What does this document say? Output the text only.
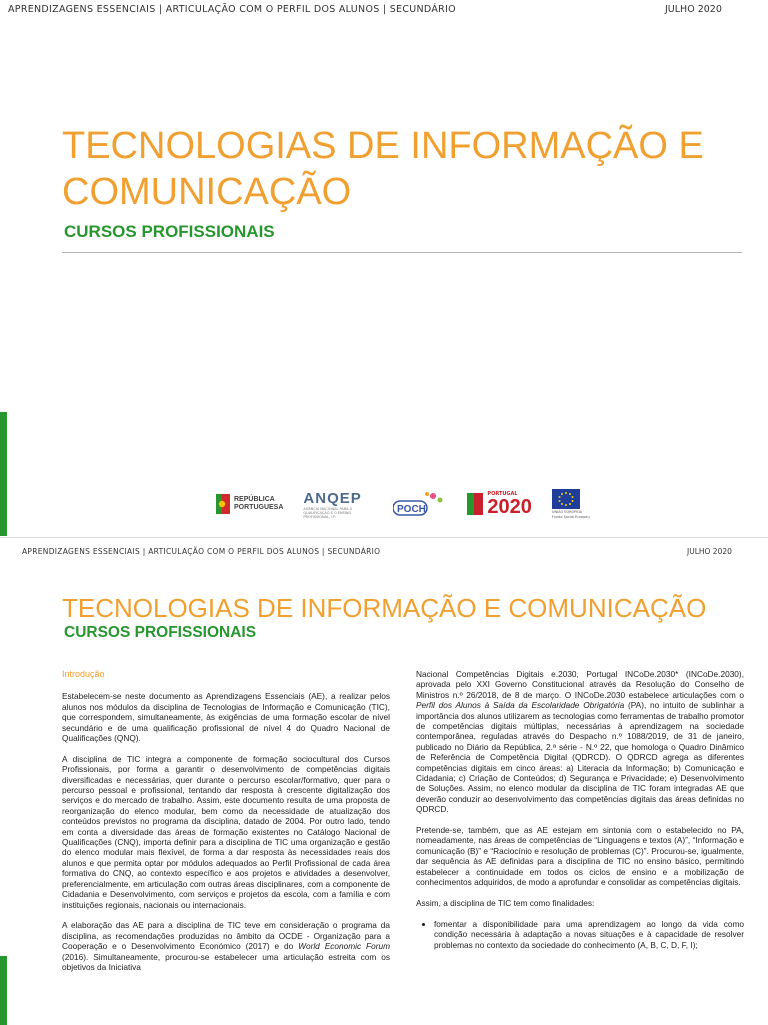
APRENDIZAGENS ESSENCIAIS | ARTICULAÇÃO COM O PERFIL DOS ALUNOS | SECUNDÁRIO	JULHO 2020
TECNOLOGIAS DE INFORMAÇÃO E
COMUNICAÇÃO
CURSOS PROFISSIONAIS
REPÚBLICA
PORTUGUESA
ANQEP
AGÊNCIA NACIONAL PARA A QUALIFICAÇÃO E O ENSINO PROFISSIONAL, I.P.
POCH
PORTUGAL
2020	UNIÃO EUROPEIA
Fundo Social Europeu
APRENDIZAGENS ESSENCIAIS | ARTICULAÇÃO COM O PERFIL DOS ALUNOS | SECUNDÁRIO	JULHO 2020
TECNOLOGIAS DE INFORMAÇÃO E COMUNICAÇÃO
CURSOS PROFISSIONAIS
Introdução

Estabelecem-se neste documento as Aprendizagens Essenciais (AE), a realizar pelos alunos nos módulos da disciplina de Tecnologias de Informação e Comunicação (TIC), que correspondem, simultaneamente, às exigências de uma formação escolar de nível secundário e de uma qualificação profissional de nível 4 do Quadro Nacional de Qualificações (QNQ).

A disciplina de TIC integra a componente de formação sociocultural dos Cursos Profissionais, por forma a garantir o desenvolvimento de competências digitais diversificadas e necessárias, quer durante o percurso escolar/formativo, quer para o percurso pessoal e profissional, tentando dar resposta à crescente digitalização dos serviços e do mercado de trabalho. Assim, este documento resulta de uma proposta de reorganização do elenco modular, bem como da necessidade de atualização dos conteúdos previstos no programa da disciplina, datado de 2004. Por outro lado, tendo em conta a diversidade das áreas de formação existentes no Catálogo Nacional de Qualificações (CNQ), importa definir para a disciplina de TIC uma organização e gestão do elenco modular mais flexível, de forma a dar resposta às necessidades reais dos alunos e que permita optar por módulos adequados ao Perfil Profissional de cada área formativa do CNQ, ao contexto específico e aos projetos e atividades a desenvolver, preferencialmente, em articulação com outras áreas disciplinares, com a componente de Cidadania e Desenvolvimento, com serviços e projetos da escola, com a família e com instituições regionais, nacionais ou internacionais.

A elaboração das AE para a disciplina de TIC teve em consideração o programa da disciplina, as recomendações produzidas no âmbito da OCDE - Organização para a Cooperação e o Desenvolvimento Económico (2017) e do World Economic Forum (2016). Simultaneamente, procurou-se estabelecer uma articulação estreita com os objetivos da Iniciativa

Nacional Competências Digitais e.2030, Portugal INCoDe.2030* (INCoDe.2030), aprovada pelo XXI Governo Constitucional através da Resolução do Conselho de Ministros n.º 26/2018, de 8 de março. O INCoDe.2030 estabelece articulações com o Perfil dos Alunos à Saída da Escolaridade Obrigatória (PA), no intuito de sublinhar a importância dos alunos utilizarem as tecnologias como ferramentas de trabalho promotor de competências digitais múltiplas, necessárias à aprendizagem na sociedade contemporânea, reguladas através do Despacho n.º 1088/2019, de 31 de janeiro, publicado no Diário da República, 2.ª série - N.º 22, que homologa o Quadro Dinâmico de Referência de Competência Digital (QDRCD). O QDRCD agrega as diferentes competências digitais em cinco áreas: a) Literacia da Informação; b) Comunicação e Cidadania; c) Criação de Conteúdos; d) Segurança e Privacidade; e) Desenvolvimento de Soluções. Assim, no elenco modular da disciplina de TIC foram integradas AE que deverão conduzir ao desenvolvimento das competências digitais das áreas definidas no QDRCD.

Pretende-se, também, que as AE estejam em sintonia com o estabelecido no PA, nomeadamente, nas áreas de competências de “Linguagens e textos (A)”, “Informação e comunicação (B)” e “Raciocínio e resolução de problemas (C)”. Procurou-se, igualmente, dar sequência às AE definidas para a disciplina de TIC no ensino básico, permitindo estabelecer a continuidade em todos os ciclos de ensino e a mobilização de conhecimentos adquiridos, de modo a aprofundar e consolidar as competências digitais.

Assim, a disciplina de TIC tem como finalidades:

• fomentar a disponibilidade para uma aprendizagem ao longo da vida como condição necessária à adaptação a novas situações e à capacidade de resolver problemas no contexto da sociedade do conhecimento (A, B, C, D, F, I);
